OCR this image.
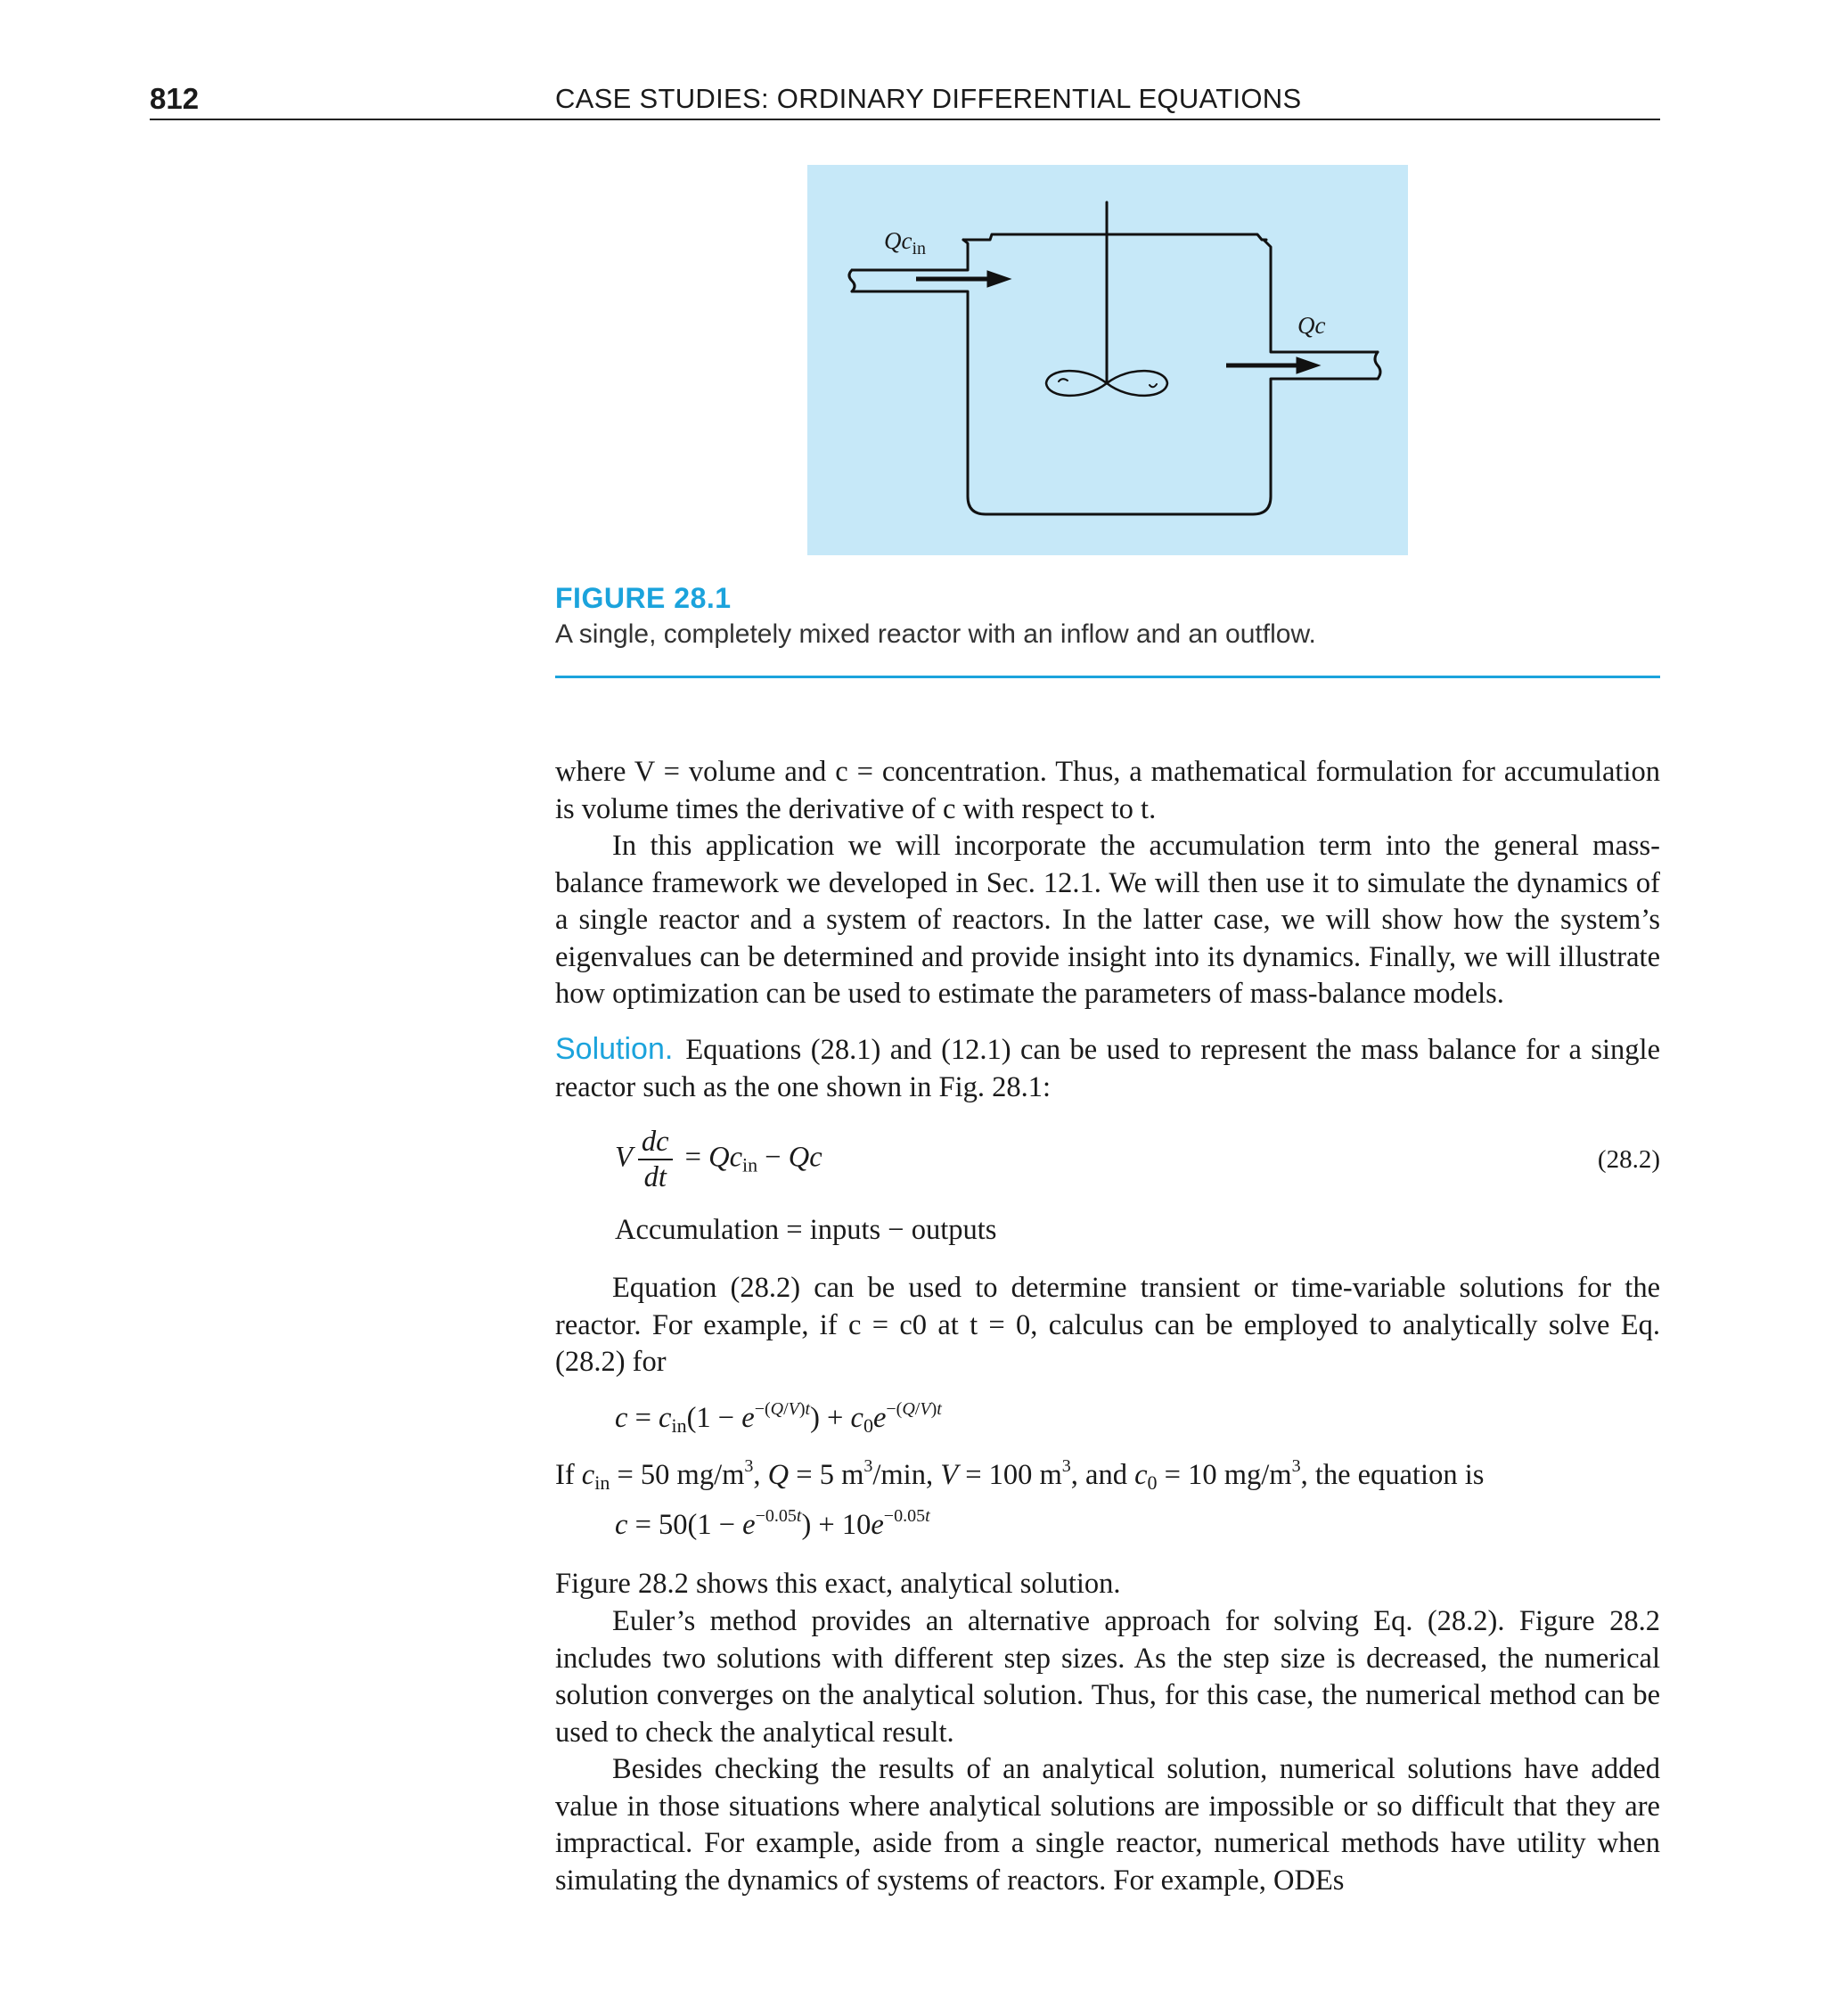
812	CASE STUDIES: ORDINARY DIFFERENTIAL EQUATIONS
$Qc_{in}$
Qc
FIGURE 28.1
A single, completely mixed reactor with an inflow and an outflow.
where V = volume and c = concentration. Thus, a mathematical formulation for accumulation is volume times the derivative of c with respect to t.
In this application we will incorporate the accumulation term into the general mass-balance framework we developed in Sec. 12.1. We will then use it to simulate the dynamics of a single reactor and a system of reactors. In the latter case, we will show how the system’s eigenvalues can be determined and provide insight into its dynamics. Finally, we will illustrate how optimization can be used to estimate the parameters of mass-balance models.
Solution. Equations (28.1) and (12.1) can be used to represent the mass balance for a single reactor such as the one shown in Fig. 28.1:
V $\frac{dc}{dt} = Qc_{in} - Qc$	(28.2)
Accumulation = inputs − outputs
Equation (28.2) can be used to determine transient or time-variable solutions for the reactor. For example, if c = c0 at t = 0, calculus can be employed to analytically solve Eq. (28.2) for
$c = c_{in}(1 - e^{-(Q/V)t}) + c_0e^{-(Q/V)t}$
If $c_{in} = 50$ $mg/m^3$, Q = 5 $m^3/\min$, V = 100 $m^3$, and $c_0 = 10$ $mg/m^3$, the equation is
$c = 50(1 - e^{-0.05t}) + 10e^{-0.05t}$
Figure 28.2 shows this exact, analytical solution.
Euler’s method provides an alternative approach for solving Eq. (28.2). Figure 28.2 includes two solutions with different step sizes. As the step size is decreased, the numerical solution converges on the analytical solution. Thus, for this case, the numerical method can be used to check the analytical result.
Besides checking the results of an analytical solution, numerical solutions have added value in those situations where analytical solutions are impossible or so difficult that they are impractical. For example, aside from a single reactor, numerical methods have utility when simulating the dynamics of systems of reactors. For example, ODEs
